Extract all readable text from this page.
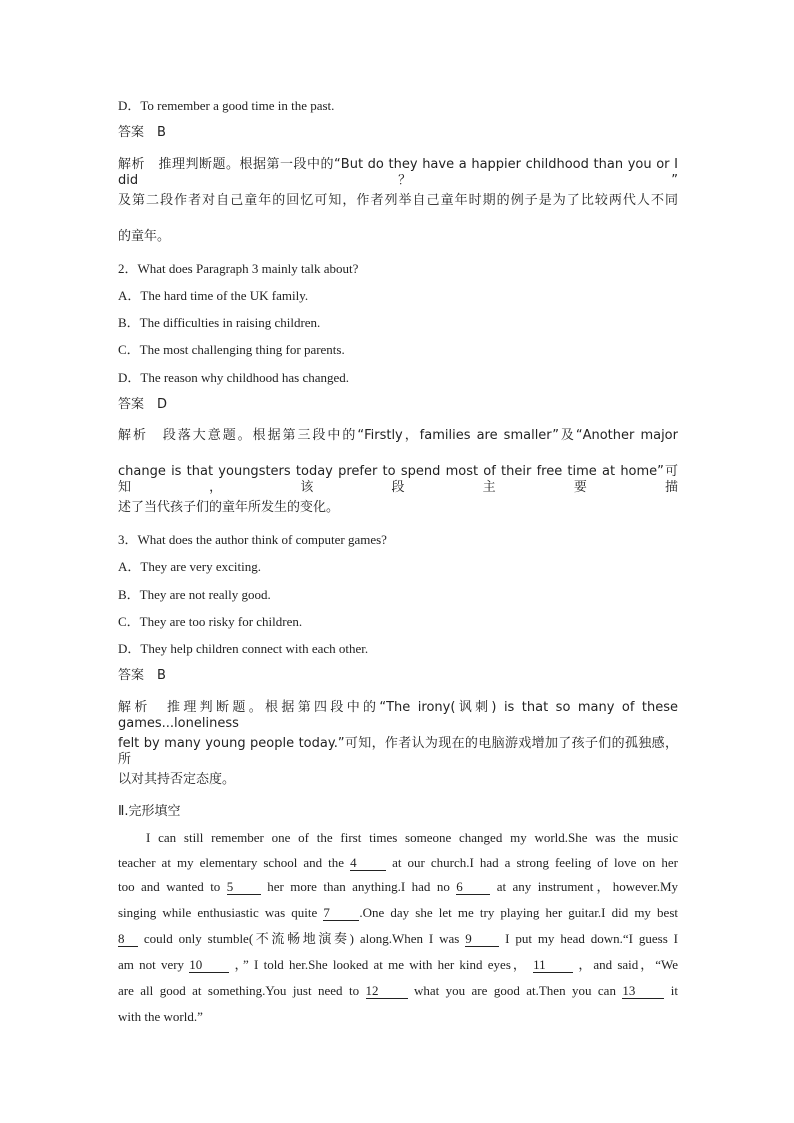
D．To remember a good time in the past.
答案　B
解析　推理判断题。根据第一段中的“But do they have a happier childhood than you or I did？”
及第二段作者对自己童年的回忆可知，作者列举自己童年时期的例子是为了比较两代人不同
的童年。
2．What does Paragraph 3 mainly talk about?
A．The hard time of the UK family.
B．The difficulties in raising children.
C．The most challenging thing for parents.
D．The reason why childhood has changed.
答案　D
解析　段落大意题。根据第三段中的“Firstly，families are smaller”及“Another major
change is that youngsters today prefer to spend most of their free time at home”可知，该段主要描
述了当代孩子们的童年所发生的变化。
3．What does the author think of computer games?
A．They are very exciting.
B．They are not really good.
C．They are too risky for children.
D．They help children connect with each other.
答案　B
解析　推理判断题。根据第四段中的“The irony(讽刺) is that so many of these games...loneliness
felt by many young people today.”可知，作者认为现在的电脑游戏增加了孩子们的孤独感，所
以对其持否定态度。
Ⅱ.完形填空
I can still remember one of the first times someone changed my world.She was the music
teacher at my elementary school and the 4	at our church.I had a strong feeling of love on her
too and wanted to 5	her more than anything.I had no 6	at any instrument，however.My
singing while enthusiastic was quite 7 .One day she let me try playing her guitar.I did my best
8 could only stumble(不流畅地演奏) along.When I was 9	I put my head down.“I guess I
am not very 10 ，” I told her.She looked at me with her kind eyes， 11	，and said，“We
are all good at something.You just need to 12	what you are good at.Then you can 13	it
with the world.”
